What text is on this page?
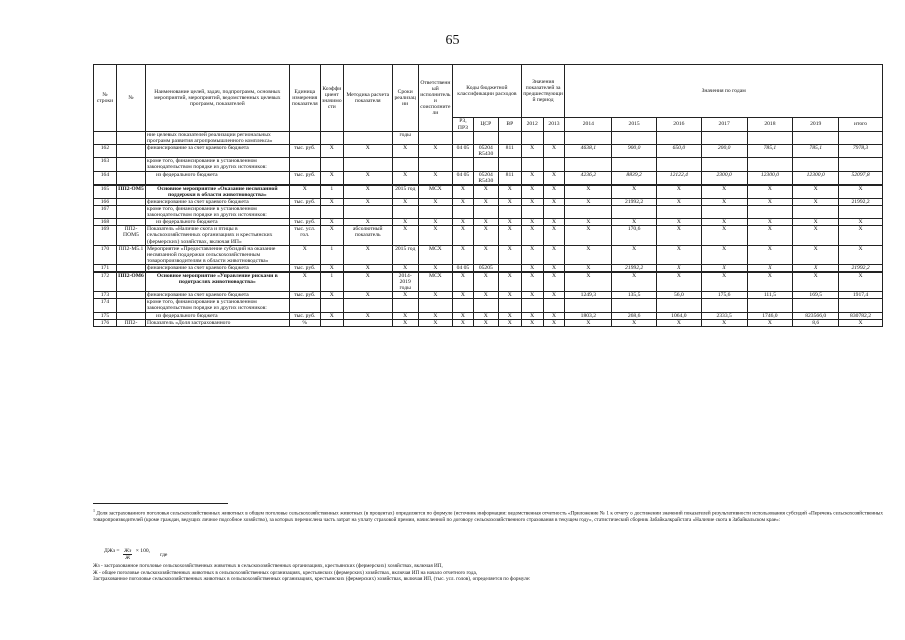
65
№ строки	№	Наименование целей, задач, подпрограмм, основных мероприятий, мероприятий, ведомственных целевых программ, показателей	Единица измерения показателя	Коэффициент значимости	Методика расчета показателя	Сроки реализации	Ответственный исполнитель и соисполнители	Коды бюджетной классификации расходов			Значения показателей за предшествующий период		Значения по годам						
								РЗ, ПРЗ	ЦСР	ВР	2012	2013	2014	2015	2016	2017	2018	2019	итого
		ние целевых показателей реализации региональных программ развития агропромышленного комплекса»				годы													
162		финансирование за счет краевого бюджета	тыс. руб.	X	X	X	X	04 05	05204 R5430	811	X	X	4638,1	900,0	650,0	200,0	785,1	785,1	7978,3
163		кроме того, финансирование в установленном законодательством порядке из других источников:																	
164		из федерального бюджета	тыс. руб.	X	X	X	X	04 05	05204 R5430	811	X	X	4236,2	8839,2	12122,4	2300,0	12300,0	12300,0	52097,8
165	ПП2-ОМ5	Основное мероприятие «Оказание несвязанной поддержки в области животноводства»	X	1	X	2015 год	МСХ	X	X	X	X	X	X	X	X	X	X	X	X
166		финансирование за счет краевого бюджета	тыс. руб.	X	X	X	X	X	X	X	X	X	X	21992,2	X	X	X	X	21992,2
167		кроме того, финансирование в установленном законодательством порядке из других источников:																	
168		из федерального бюджета	тыс. руб.	X	X	X	X	X	X	X	X	X	X	X	X	X	X	X	X
169	ПП2-ПОМ5	Показатель «Наличие скота и птицы в сельскохозяйственных организациях и крестьянских (фермерских) хозяйствах, включая ИП»	тыс. усл. гол.	X	абсолютный показатель	X	X	X	X	X	X	X	X	170,6	X	X	X	X	X
170	ПП2-М5.1	Мероприятие «Предоставление субсидий на оказание несвязанной поддержки сельскохозяйственным товаропроизводителям в области животноводства»	X	1	X	2015 год	МСХ	X	X	X	X	X	X	X	X	X	X	X	X
171		финансирование за счет краевого бюджета	тыс. руб.	X	X	X	X	04 05	05205		X	X	X	21992,2	X	X	X	X	21992,2
172	ПП2-ОМ6	Основное мероприятие «Управление рисками в подотраслях животноводства»	X	1	X	2014-2019 годы	МСХ	X	X	X	X	X	X	X	X	X	X	X	X
173		финансирование за счет краевого бюджета	тыс. руб.	X	X	X	X	X	X	X	X	X	1249,3	135,5	56,0	175,6	111,5	169,5	1917,4
174		кроме того, финансирование в установленном законодательством порядке из других источников:																	
175		из федерального бюджета	тыс. руб.	X	X	X	X	X	X	X	X	X	1803,2	268,6	1064,0	2333,5	1746,0	823566,0	830782,2
176	ПП2-	Показатель «Доля застрахованного	%			X	X	X	X	X	X	X	X	X	X	X	X	8,6	X
$^1$ Доля застрахованного поголовья сельскохозяйственных животных в общем поголовье сельскохозяйственных животных (в процентах) определяется по формуле (источник информации: ведомственная отчетность «Приложение № 1 к отчету о достижении значений показателей результативности использования субсидий «Перечень сельскохозяйственных товаропроизводителей (кроме граждан, ведущих личное подсобное хозяйство), за которых перечислена часть затрат на уплату страховой премии, начисленной по договору сельскохозяйственного страхования в текущем году», статистический сборник Забайкалкрайстата «Наличие скота в Забайкальском крае»:
ДЖз = $\frac{Жз}{Ж} \times 100$,
где
Жз - застрахованное поголовье сельскохозяйственных животных в сельскохозяйственных организациях, крестьянских (фермерских) хозяйствах, включая ИП,
Ж - общее поголовье сельскохозяйственных животных в сельскохозяйственных организациях, крестьянских (фермерских) хозяйствах, включая ИП на начало отчетного года,
Застрахованное поголовье сельскохозяйственных животных в сельскохозяйственных организациях, крестьянских (фермерских) хозяйствах, включая ИП, (тыс. усл. голов), определяется по формуле:
